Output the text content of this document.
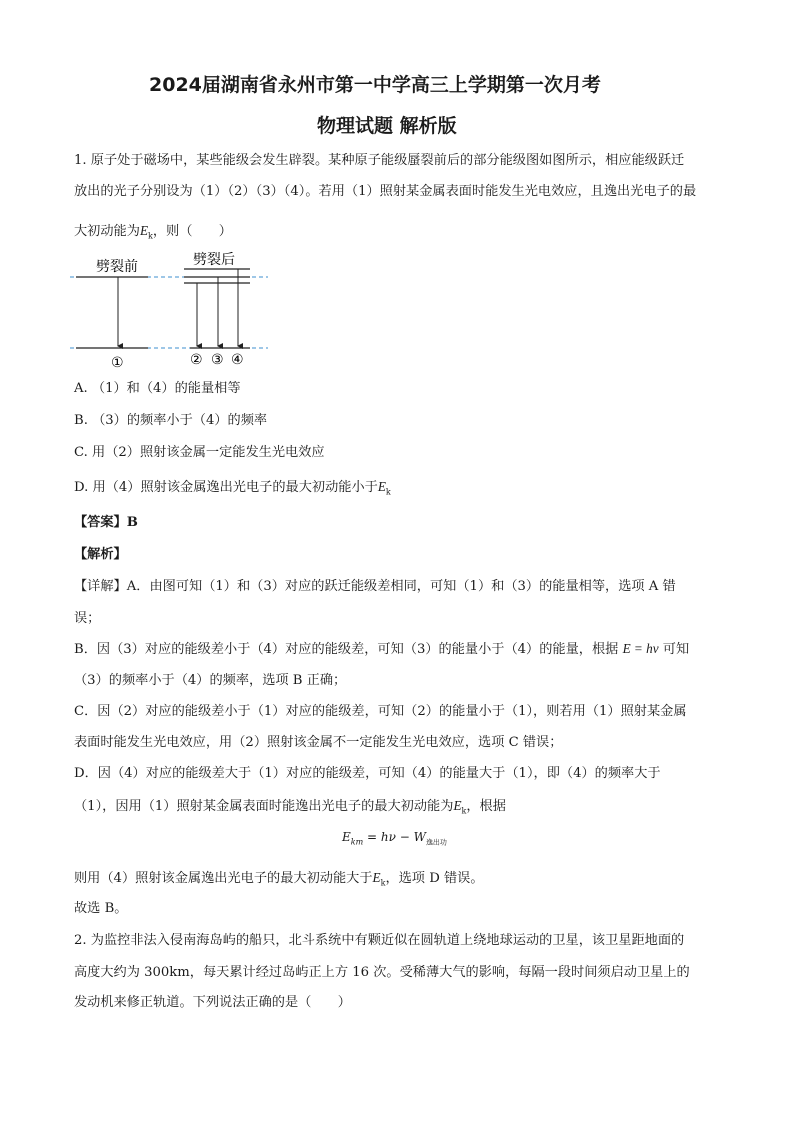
2024届湖南省永州市第一中学高三上学期第一次月考
物理试题 解析版
1. 原子处于磁场中，某些能级会发生辟裂。某种原子能级蜃裂前后的部分能级图如图所示，相应能级跃迁
放出的光子分别设为（1）（2）（3）（4）。若用（1）照射某金属表面时能发生光电效应，且逸出光电子的最
大初动能为$E_k$，则（　　）
劈裂前	劈裂后
①	② ③ ④
A. （1）和（4）的能量相等
B. （3）的频率小于（4）的频率
C. 用（2）照射该金属一定能发生光电效应
D. 用（4）照射该金属逸出光电子的最大初动能小于$E_k$
【答案】B
【解析】
【详解】A．由图可知（1）和（3）对应的跃迁能级差相同，可知（1）和（3）的能量相等，选项 A 错
误；
B．因（3）对应的能级差小于（4）对应的能级差，可知（3）的能量小于（4）的能量，根据 E = hν 可知
（3）的频率小于（4）的频率，选项 B 正确；
C．因（2）对应的能级差小于（1）对应的能级差，可知（2）的能量小于（1），则若用（1）照射某金属
表面时能发生光电效应，用（2）照射该金属不一定能发生光电效应，选项 C 错误；
D．因（4）对应的能级差大于（1）对应的能级差，可知（4）的能量大于（1），即（4）的频率大于
（1），因用（1）照射某金属表面时能逸出光电子的最大初动能为$E_k$，根据
$E_{km} = h\nu - W_{逸出功}$
则用（4）照射该金属逸出光电子的最大初动能大于$E_k$，选项 D 错误。
故选 B。
2. 为监控非法入侵南海岛屿的船只，北斗系统中有颗近似在圆轨道上绕地球运动的卫星，该卫星距地面的
高度大约为 300km，每天累计经过岛屿正上方 16 次。受稀薄大气的影响，每隔一段时间须启动卫星上的
发动机来修正轨道。下列说法正确的是（　　）
